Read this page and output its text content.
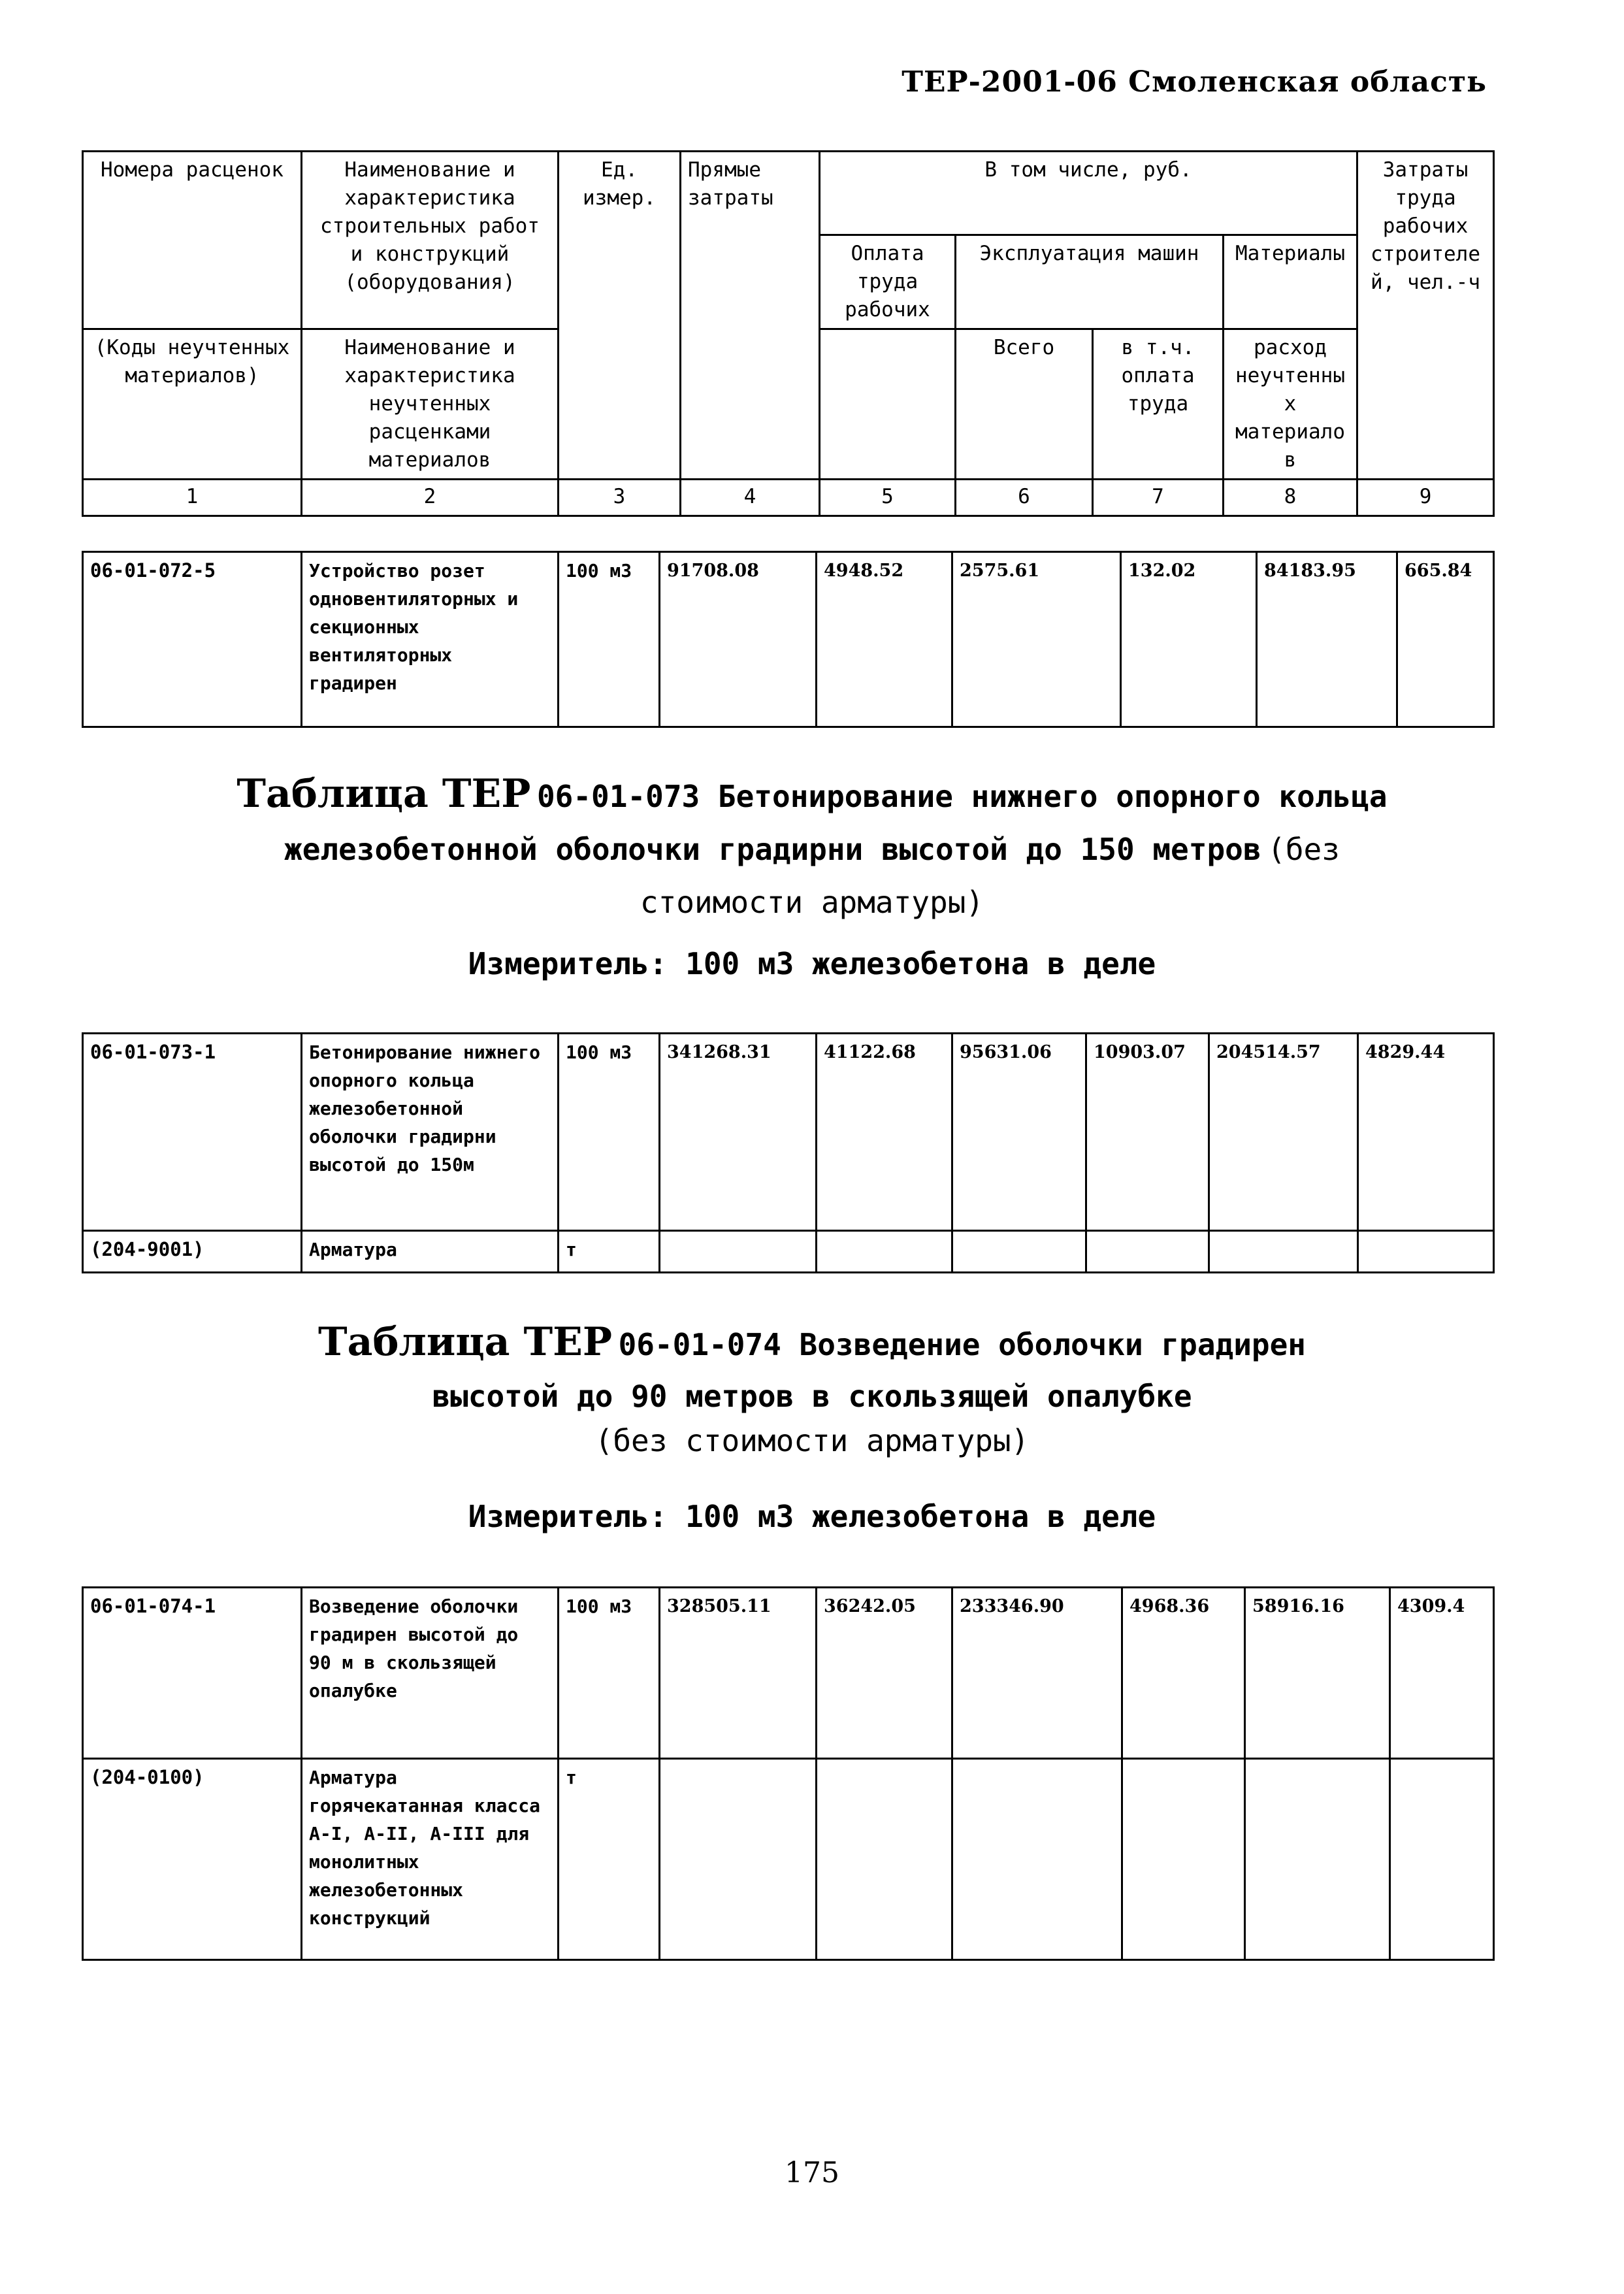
ТЕР-2001-06 Смоленская область
Номера расценок	Наименование и характеристика строительных работ и конструкций (оборудования)	Ед. измер.	Прямые затраты	В том числе, руб.				Затраты труда рабочих строителей, чел.-ч
				Оплата труда рабочих	Эксплуатация машин		Материалы	
(Коды неучтенных материалов)	Наименование и характеристика неучтенных расценками материалов				Всего	в т.ч. оплата труда	расход неучтенных материалов	
1	2	3	4	5	6	7	8	9
06-01-072-5	Устройство розет одновентиляторных и секционных вентиляторных градирен	100 м3	91708.08	4948.52	2575.61	132.02	84183.95	665.84
Таблица ТЕР 06-01-073 Бетонирование нижнего опорного кольца железобетонной оболочки градирни высотой до 150 метров (без стоимости арматуры)
Измеритель: 100 м3 железобетона в деле
06-01-073-1	Бетонирование нижнего опорного кольца железобетонной оболочки градирни высотой до 150м	100 м3	341268.31	41122.68	95631.06	10903.07	204514.57	4829.44
(204-9001)	Арматура	т						
Таблица ТЕР 06-01-074 Возведение оболочки градирен
высотой до 90 метров в скользящей опалубке
(без стоимости арматуры)
Измеритель: 100 м3 железобетона в деле
06-01-074-1	Возведение оболочки градирен высотой до 90 м в скользящей опалубке	100 м3	328505.11	36242.05	233346.90	4968.36	58916.16	4309.4
(204-0100)	Арматура горячекатанная класса А-I, А-II, А-III для монолитных железобетонных конструкций	т						
175
